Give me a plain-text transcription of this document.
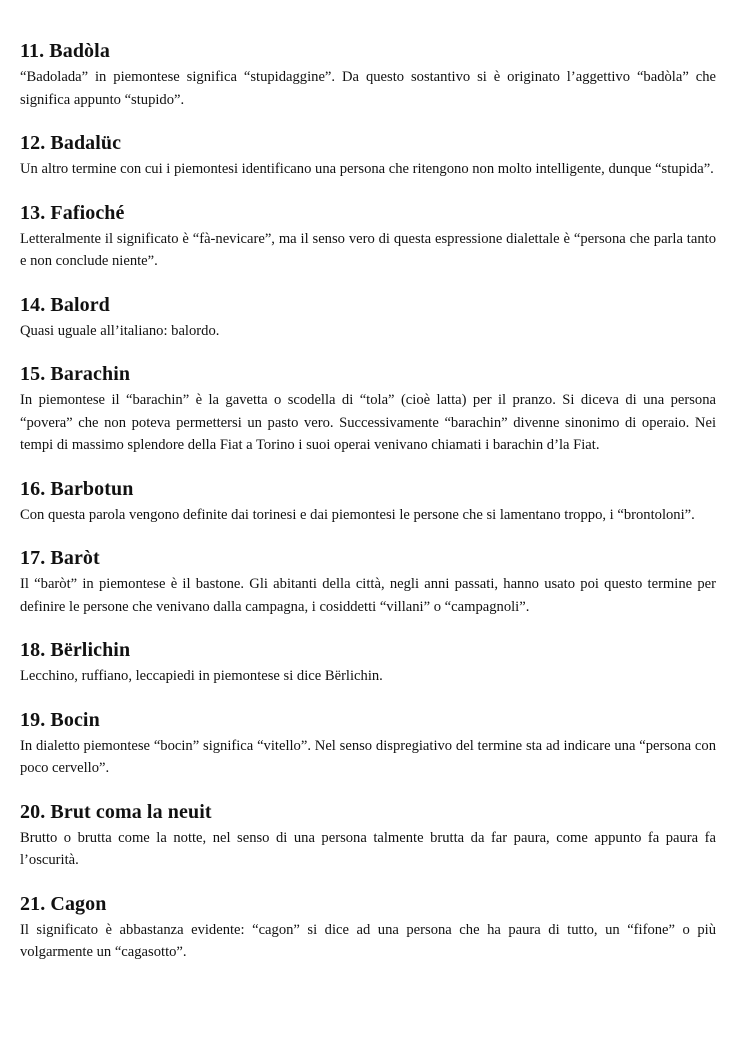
11. Badòla

“Badolada” in piemontese significa “stupidaggine”. Da questo sostantivo si è originato l’aggettivo “badòla” che significa appunto “stupido”.

12. Badalüc

Un altro termine con cui i piemontesi identificano una persona che ritengono non molto intelligente, dunque “stupida”.

13. Fafioché

Letteralmente il significato è “fà-nevicare”, ma il senso vero di questa espressione dialettale è “persona che parla tanto e non conclude niente”.

14. Balord

Quasi uguale all’italiano: balordo.

15. Barachin

In piemontese il “barachin” è la gavetta o scodella di “tola” (cioè latta) per il pranzo. Si diceva di una persona “povera” che non poteva permettersi un pasto vero. Successivamente “barachin” divenne sinonimo di operaio. Nei tempi di massimo splendore della Fiat a Torino i suoi operai venivano chiamati i barachin d’la Fiat.

16. Barbotun

Con questa parola vengono definite dai torinesi e dai piemontesi le persone che si lamentano troppo, i “brontoloni”.

17. Baròt

Il “baròt” in piemontese è il bastone. Gli abitanti della città, negli anni passati, hanno usato poi questo termine per definire le persone che venivano dalla campagna, i cosiddetti “villani” o “campagnoli”.

18. Bërlichin

Lecchino, ruffiano, leccapiedi in piemontese si dice Bërlichin.

19. Bocin

In dialetto piemontese “bocin” significa “vitello”. Nel senso dispregiativo del termine sta ad indicare una “persona con poco cervello”.

20. Brut coma la neuit

Brutto o brutta come la notte, nel senso di una persona talmente brutta da far paura, come appunto fa paura fa l’oscurità.

21. Cagon

Il significato è abbastanza evidente: “cagon” si dice ad una persona che ha paura di tutto, un “fifone” o più volgarmente un “cagasotto”.
